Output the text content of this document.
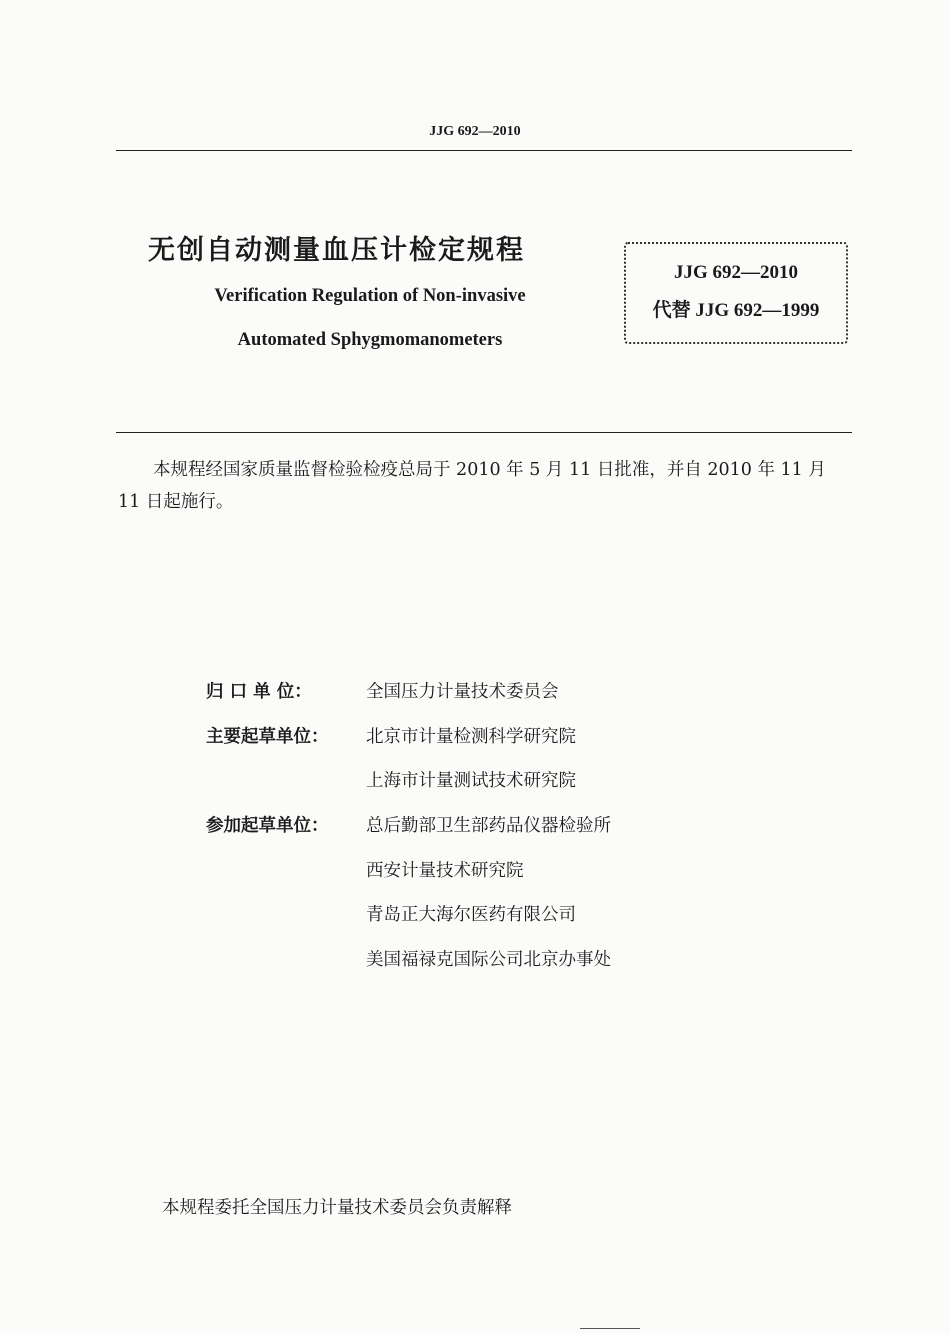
JJG 692—2010
无创自动测量血压计检定规程
Verification Regulation of Non-invasive
Automated Sphygmomanometers
JJG 692—2010
代替 JJG 692—1999
本规程经国家质量监督检验检疫总局于 2010 年 5 月 11 日批准，并自 2010 年 11 月 11 日起施行。
归 口 单 位：	全国压力计量技术委员会
主要起草单位： 北京市计量检测科学研究院
上海市计量测试技术研究院
参加起草单位： 总后勤部卫生部药品仪器检验所
西安计量技术研究院
青岛正大海尔医药有限公司
美国福禄克国际公司北京办事处
本规程委托全国压力计量技术委员会负责解释
